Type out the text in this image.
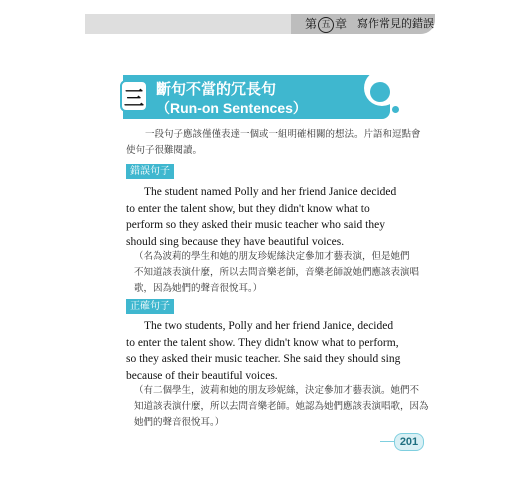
第 五 章 寫作常見的錯誤
三 斷句不當的冗長句
（Run-on Sentences）
一段句子應該僅僅表達一個或一組明確相關的想法。片語和逗點會
使句子很難閱讀。
錯誤句子
The student named Polly and her friend Janice decided
to enter the talent show, but they didn't know what to
perform so they asked their music teacher who said they
should sing because they have beautiful voices.
（名為波莉的學生和她的朋友珍妮絲決定參加才藝表演，但是她們
不知道該表演什麼，所以去問音樂老師，音樂老師說她們應該表演唱
歌，因為她們的聲音很悅耳。）
正確句子
The two students, Polly and her friend Janice, decided
to enter the talent show. They didn't know what to perform,
so they asked their music teacher. She said they should sing
because of their beautiful voices.
（有二個學生，波莉和她的朋友珍妮絲，決定參加才藝表演。她們不
知道該表演什麼，所以去問音樂老師。她認為她們應該表演唱歌，因為
她們的聲音很悅耳。）
201
